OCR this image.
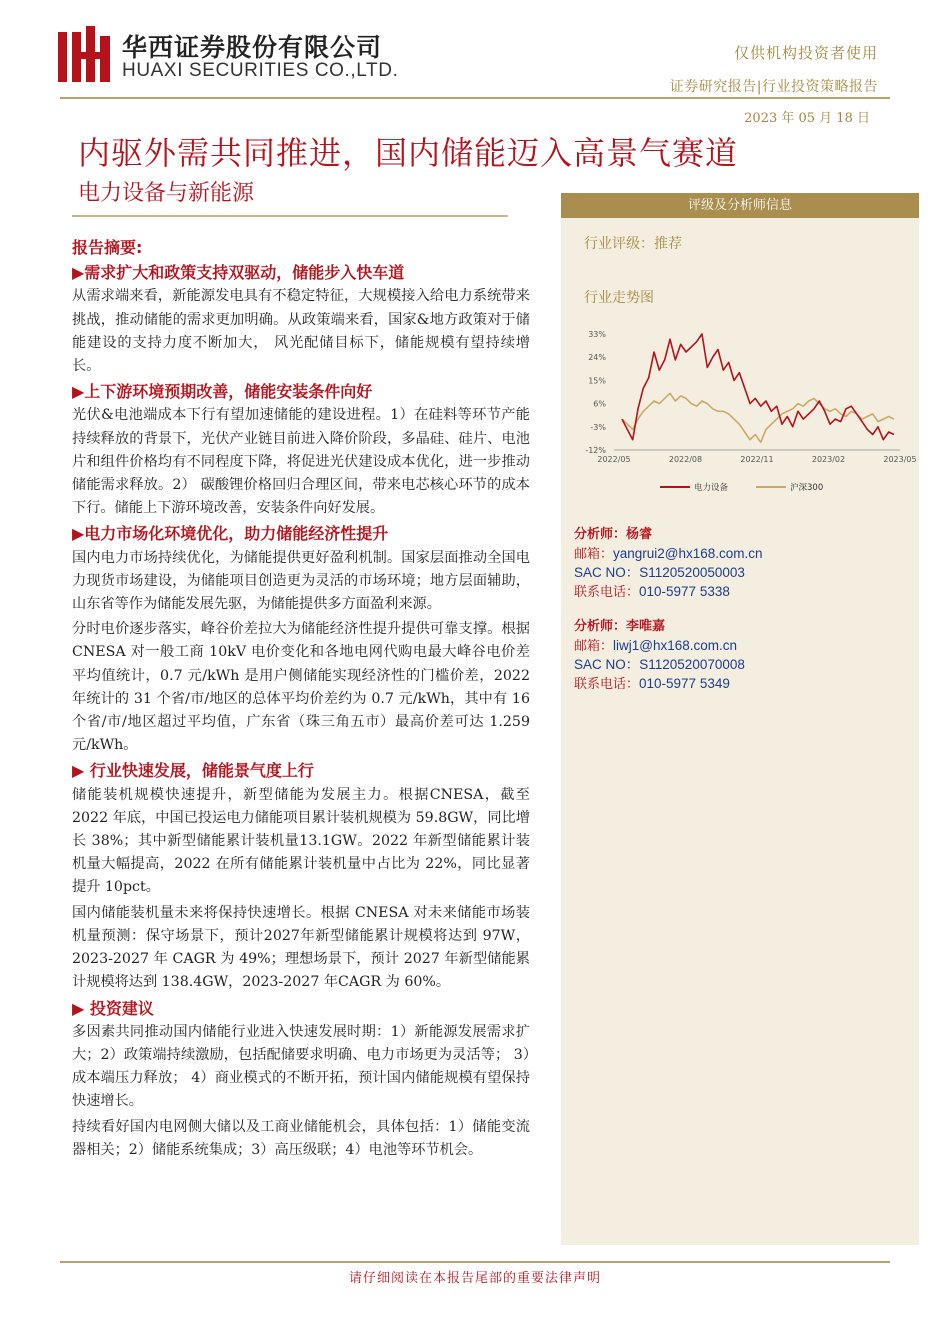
华西证券股份有限公司
HUAXI SECURITIES CO.,LTD.
仅供机构投资者使用
证券研究报告|行业投资策略报告
2023 年 05 月 18 日
内驱外需共同推进，国内储能迈入高景气赛道
电力设备与新能源
报告摘要:
▶需求扩大和政策支持双驱动，储能步入快车道

从需求端来看，新能源发电具有不稳定特征，大规模接入给电力系统带来挑战，推动储能的需求更加明确。从政策端来看，国家&地方政策对于储能建设的支持力度不断加大， 风光配储目标下，储能规模有望持续增长。

▶上下游环境预期改善，储能安装条件向好

光伏&电池端成本下行有望加速储能的建设进程。1）在硅料等环节产能持续释放的背景下，光伏产业链目前进入降价阶段，多晶硅、硅片、电池片和组件价格均有不同程度下降，将促进光伏建设成本优化，进一步推动储能需求释放。2） 碳酸锂价格回归合理区间，带来电芯核心环节的成本下行。储能上下游环境改善，安装条件向好发展。

▶电力市场化环境优化，助力储能经济性提升

国内电力市场持续优化，为储能提供更好盈利机制。国家层面推动全国电力现货市场建设，为储能项目创造更为灵活的市场环境；地方层面辅助，山东省等作为储能发展先驱，为储能提供多方面盈利来源。

分时电价逐步落实，峰谷价差拉大为储能经济性提升提供可靠支撑。根据 CNESA 对一般工商 10kV 电价变化和各地电网代购电最大峰谷电价差平均值统计，0.7 元/kWh 是用户侧储能实现经济性的门槛价差，2022 年统计的 31 个省/市/地区的总体平均价差约为 0.7 元/kWh，其中有 16 个省/市/地区超过平均值，广东省（珠三角五市）最高价差可达 1.259 元/kWh。

▶ 行业快速发展，储能景气度上行

储能装机规模快速提升，新型储能为发展主力。根据CNESA，截至 2022 年底，中国已投运电力储能项目累计装机规模为 59.8GW，同比增长 38%；其中新型储能累计装机量13.1GW。2022 年新型储能累计装机量大幅提高，2022 在所有储能累计装机量中占比为 22%，同比显著提升 10pct。

国内储能装机量未来将保持快速增长。根据 CNESA 对未来储能市场装机量预测：保守场景下，预计2027年新型储能累计规模将达到 97W，2023-2027 年 CAGR 为 49%；理想场景下，预计 2027 年新型储能累计规模将达到 138.4GW，2023-2027 年CAGR 为 60%。

▶ 投资建议

多因素共同推动国内储能行业进入快速发展时期：1）新能源发展需求扩大；2）政策端持续激励，包括配储要求明确、电力市场更为灵活等； 3）成本端压力释放； 4）商业模式的不断开拓，预计国内储能规模有望保持快速增长。

持续看好国内电网侧大储以及工商业储能机会，具体包括：1）储能变流器相关；2）储能系统集成；3）高压级联；4）电池等环节机会。

评级及分析师信息
行业评级：推荐
行业走势图
33%
24%
15%
6%
-3%
-12%
2022/05	2022/08	2022/11	2023/02	2023/05
电力设备	沪深300
分析师：杨睿
邮箱：yangrui2@hx168.com.cn
SAC NO：S1120520050003
联系电话：010-5977 5338
分析师：李唯嘉
邮箱：liwj1@hx168.com.cn
SAC NO：S1120520070008
联系电话：010-5977 5349
请仔细阅读在本报告尾部的重要法律声明
